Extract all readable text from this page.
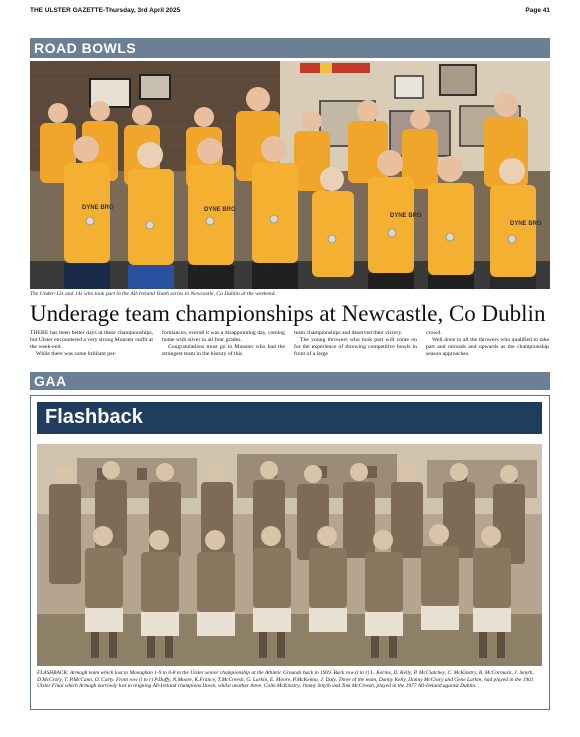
THE ULSTER GAZETTE-Thursday, 3rd April 2025	Page 41
ROAD BOWLS
DYNE BRO	DYNE BRO
DYNE BRO
DYNE BRO
The Under-12s and 14s who took part in the All-Ireland Youth series in Newcastle, Co Dublin at the weekend.
Underage team championships at Newcastle, Co Dublin

THERE has been better days at these championships, but Ulster encountered a very strong Munster outfit at the week-end.

While there was some brilliant per-

formances, overall it was a disappointing day, coming home with silver in all four grades.

Congratulations must go to Munster who had the strongest team in the history of this

team championships and deserved their victory.

The young throwers who took part will come on for the experience of throwing competitive bowls in front of a large

crowd.

Well done to all the throwers who qualified to take part and onroads and upwards as the championship season approaches.

GAA
Flashback
FLASHBACK: Armagh team which lost to Monaghan 1-9 to 0-8 in the Ulster senior championship at the Athletic Grounds back in 1969. Back row (l to r) L. Kerins, D. Kelly, P. McClatchey, C. McKinstry, B. McCormack, J. Smyth, D.McCrory, T. P.McCann, O. Carty. Front row (l to r) P.Duffy, N.Moore, K.France, T.McCreesh, G. Larkin, E. Moore, P.McKenna, J. Daly. Three of the team, Danny Kelly, Danny McCrory and Gene Larkin, had played in the 1961 Ulster Final which Armagh narrowly lost to reigning All-Ireland champions Down, whilst another three, Colm McKinstry, Jimmy Smyth and Tom McCreesh, played in the 1977 All-Ireland against Dublin.
